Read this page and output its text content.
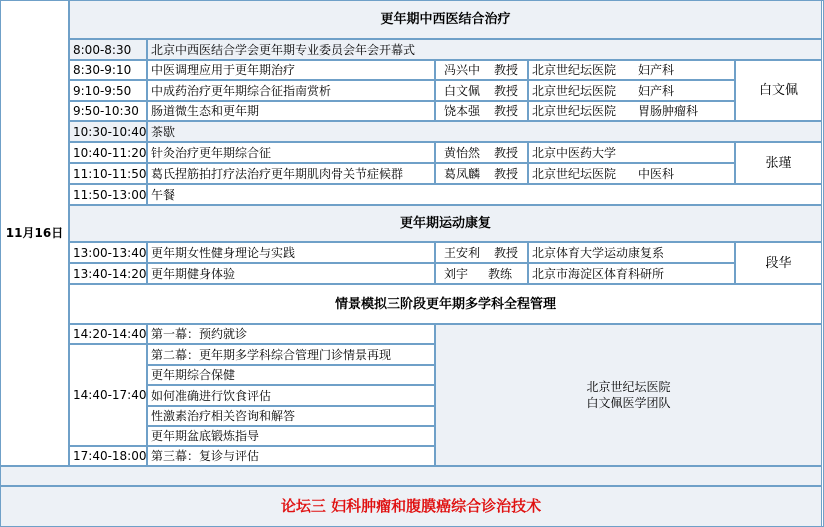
11月16日
更年期中西医结合治疗
8:00-8:30 北京中西医结合学会更年期专业委员会年会开幕式
8:30-9:10 中医调理应用于更年期治疗	冯兴中 教授 北京世纪坛医院 妇产科
9:10-9:50 中成药治疗更年期综合征指南赏析	白文佩 教授 北京世纪坛医院 妇产科
9:50-10:30 肠道微生态和更年期	饶本强 教授 北京世纪坛医院 胃肠肿瘤科
白文佩
10:30-10:40 茶歇
10:40-11:20 针灸治疗更年期综合征	黄怡然 教授 北京中医药大学
11:10-11:50 葛氏捏筋拍打疗法治疗更年期肌肉骨关节症候群	葛凤麟 教授 北京世纪坛医院 中医科
张瑾
11:50-13:00 午餐
更年期运动康复
13:00-13:40 更年期女性健身理论与实践	王安利 教授 北京体育大学运动康复系
13:40-14:20 更年期健身体验	刘宇 教练 北京市海淀区体育科研所
段华
情景模拟三阶段更年期多学科全程管理
14:20-14:40 第一幕：预约就诊
14:40-17:40
第二幕：更年期多学科综合管理门诊情景再现
更年期综合保健
如何准确进行饮食评估
性激素治疗相关咨询和解答
更年期盆底锻炼指导
17:40-18:00 第三幕：复诊与评估
北京世纪坛医院
白文佩医学团队
论坛三 妇科肿瘤和腹膜癌综合诊治技术
